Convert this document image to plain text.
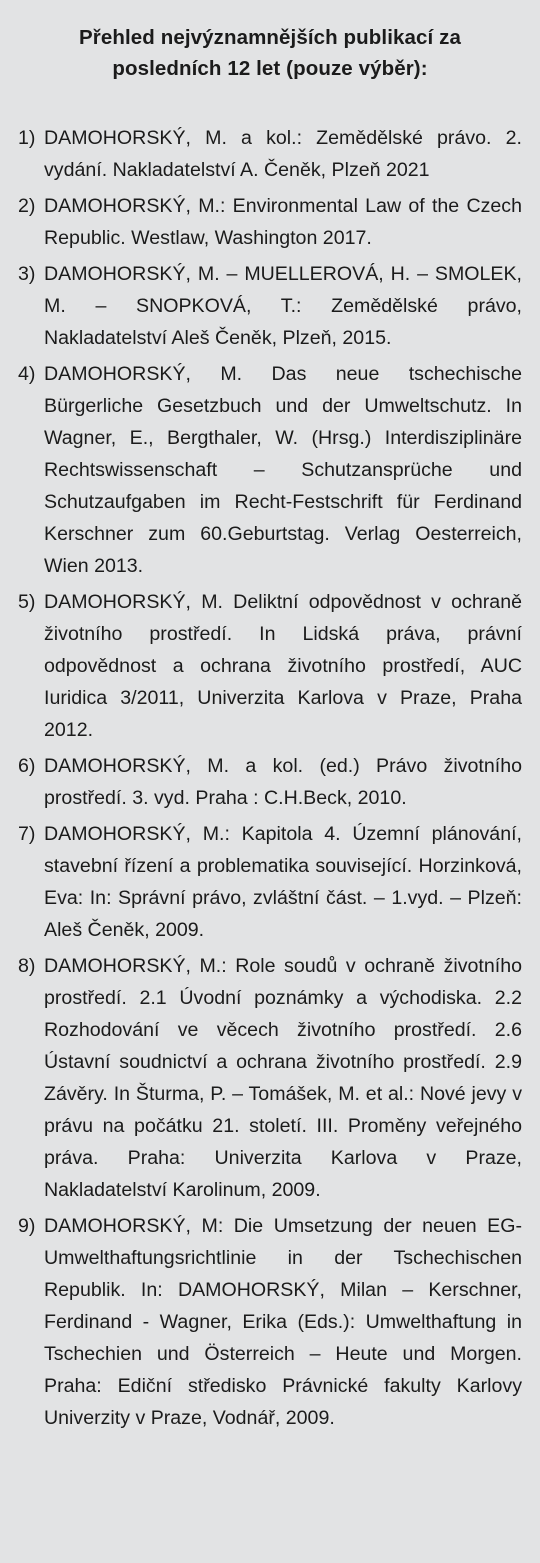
Přehled nejvýznamnějších publikací za posledních 12 let (pouze výběr):
1) DAMOHORSKÝ, M. a kol.: Zemědělské právo. 2. vydání. Nakladatelství A. Čeněk, Plzeň 2021
2) DAMOHORSKÝ, M.: Environmental Law of the Czech Republic. Westlaw, Washington 2017.
3) DAMOHORSKÝ, M. – MUELLEROVÁ, H. – SMOLEK, M. – SNOPKOVÁ, T.: Zemědělské právo, Nakladatelství Aleš Čeněk, Plzeň, 2015.
4) DAMOHORSKÝ, M. Das neue tschechische Bürgerliche Gesetzbuch und der Umweltschutz. In Wagner, E., Bergthaler, W. (Hrsg.) Interdisziplinäre Rechtswissenschaft – Schutzansprüche und Schutzaufgaben im Recht-Festschrift für Ferdinand Kerschner zum 60.Geburtstag. Verlag Oesterreich, Wien 2013.
5) DAMOHORSKÝ, M. Deliktní odpovědnost v ochraně životního prostředí. In Lidská práva, právní odpovědnost a ochrana životního prostředí, AUC Iuridica 3/2011, Univerzita Karlova v Praze, Praha 2012.
6) DAMOHORSKÝ, M. a kol. (ed.) Právo životního prostředí. 3. vyd. Praha : C.H.Beck, 2010.
7) DAMOHORSKÝ, M.: Kapitola 4. Územní plánování, stavební řízení a problematika související. Horzinková, Eva: In: Správní právo, zvláštní část. – 1.vyd. – Plzeň: Aleš Čeněk, 2009.
8) DAMOHORSKÝ, M.: Role soudů v ochraně životního prostředí. 2.1 Úvodní poznámky a východiska. 2.2 Rozhodování ve věcech životního prostředí. 2.6 Ústavní soudnictví a ochrana životního prostředí. 2.9 Závěry. In Šturma, P. – Tomášek, M. et al.: Nové jevy v právu na počátku 21. století. III. Proměny veřejného práva. Praha: Univerzita Karlova v Praze, Nakladatelství Karolinum, 2009.
9) DAMOHORSKÝ, M: Die Umsetzung der neuen EG-Umwelthaftungsrichtlinie in der Tschechischen Republik. In: DAMOHORSKÝ, Milan – Kerschner, Ferdinand - Wagner, Erika (Eds.): Umwelthaftung in Tschechien und Österreich – Heute und Morgen. Praha: Ediční středisko Právnické fakulty Karlovy Univerzity v Praze, Vodnář, 2009.
